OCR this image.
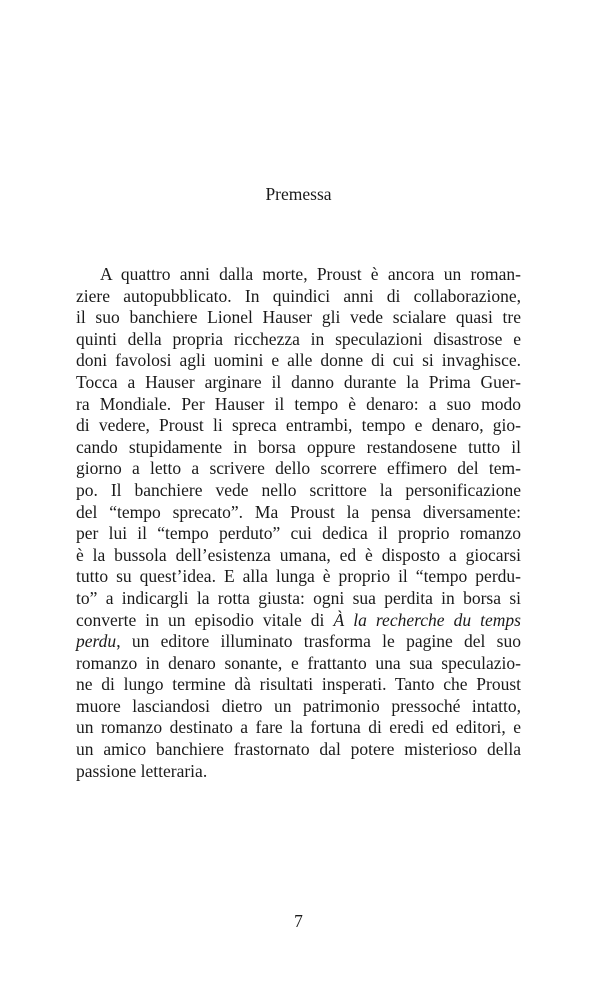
Premessa
A quattro anni dalla morte, Proust è ancora un roman-
ziere autopubblicato. In quindici anni di collaborazione,
il suo banchiere Lionel Hauser gli vede scialare quasi tre
quinti della propria ricchezza in speculazioni disastrose e
doni favolosi agli uomini e alle donne di cui si invaghisce.
Tocca a Hauser arginare il danno durante la Prima Guer-
ra Mondiale. Per Hauser il tempo è denaro: a suo modo
di vedere, Proust li spreca entrambi, tempo e denaro, gio-
cando stupidamente in borsa oppure restandosene tutto il
giorno a letto a scrivere dello scorrere effimero del tem-
po. Il banchiere vede nello scrittore la personificazione
del “tempo sprecato”. Ma Proust la pensa diversamente:
per lui il “tempo perduto” cui dedica il proprio romanzo
è la bussola dell’esistenza umana, ed è disposto a giocarsi
tutto su quest’idea. E alla lunga è proprio il “tempo perdu-
to” a indicargli la rotta giusta: ogni sua perdita in borsa si
converte in un episodio vitale di À la recherche du temps
perdu, un editore illuminato trasforma le pagine del suo
romanzo in denaro sonante, e frattanto una sua speculazio-
ne di lungo termine dà risultati insperati. Tanto che Proust
muore lasciandosi dietro un patrimonio pressoché intatto,
un romanzo destinato a fare la fortuna di eredi ed editori, e
un amico banchiere frastornato dal potere misterioso della
passione letteraria.
7
